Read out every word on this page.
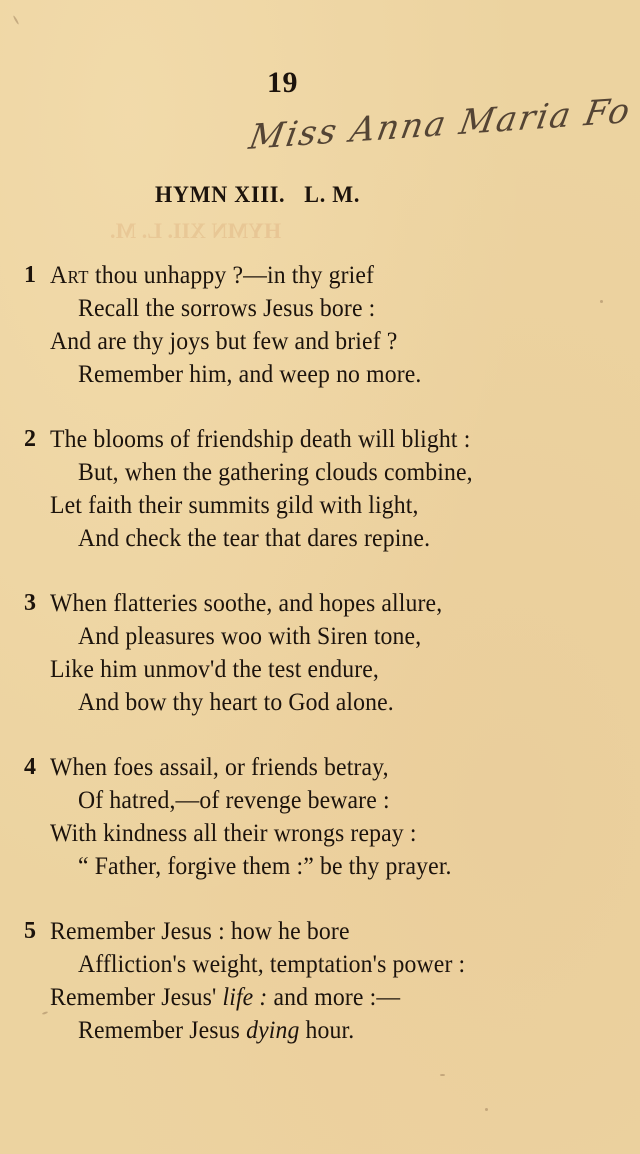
HYMN XII. L. M.
19
Miss Anna Maria Fo
HYMN XIII.   L. M.
1 Art thou unhappy ?—in thy grief
Recall the sorrows Jesus bore :
And are thy joys but few and brief ?
Remember him, and weep no more.
2 The blooms of friendship death will blight :
But, when the gathering clouds combine,
Let faith their summits gild with light,
And check the tear that dares repine.
3 When flatteries soothe, and hopes allure,
And pleasures woo with Siren tone,
Like him unmov'd the test endure,
And bow thy heart to God alone.
4 When foes assail, or friends betray,
Of hatred,—of revenge beware :
With kindness all their wrongs repay :
“ Father, forgive them :” be thy prayer.
5 Remember Jesus : how he bore
Affliction's weight, temptation's power :
Remember Jesus' life : and more :—
Remember Jesus dying hour.
